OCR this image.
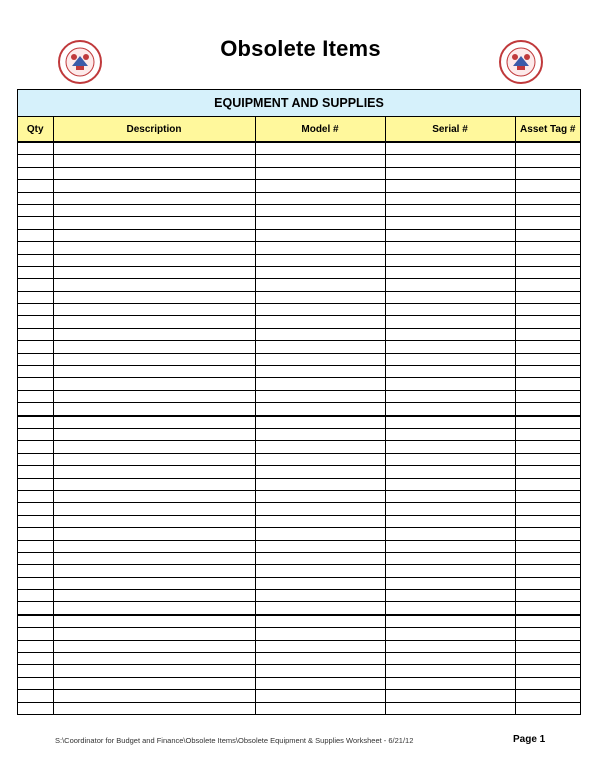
Obsolete Items
EQUIPMENT AND SUPPLIES
Qty	Description	Model #	Serial #	Asset Tag #

S:\Coordinator for Budget and Finance\Obsolete Items\Obsolete Equipment & Supplies Worksheet - 6/21/12	Page 1
